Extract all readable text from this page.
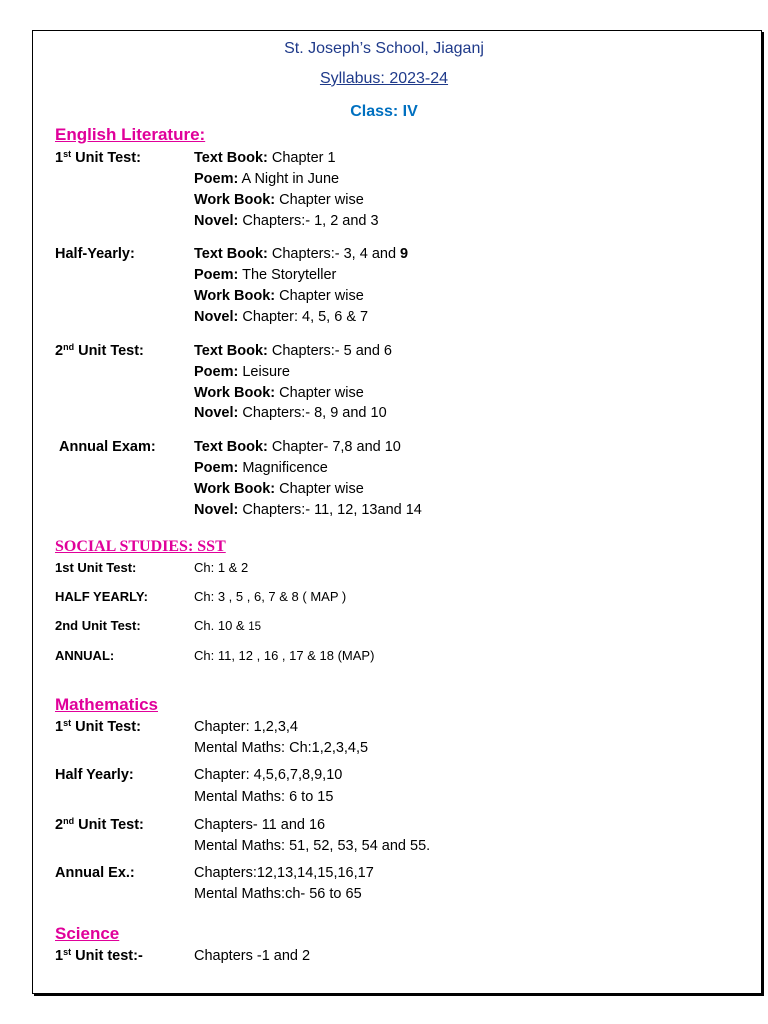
St. Joseph’s School, Jiaganj
Syllabus: 2023-24
Class: IV
English Literature:
1st Unit Test:	Text Book: Chapter 1
Poem: A Night in June
Work Book: Chapter wise
Novel: Chapters:- 1, 2 and 3
Half-Yearly:	Text Book: Chapters:- 3, 4 and 9
Poem: The Storyteller
Work Book: Chapter wise
Novel: Chapter: 4, 5, 6 & 7
2nd Unit Test:	Text Book: Chapters:- 5 and 6
Poem: Leisure
Work Book: Chapter wise
Novel: Chapters:- 8, 9 and 10
Annual Exam:	Text Book: Chapter- 7,8 and 10
Poem: Magnificence
Work Book: Chapter wise
Novel: Chapters:- 11, 12, 13and 14
SOCIAL STUDIES: SST
1st Unit Test:	Ch: 1 & 2
HALF YEARLY:	Ch: 3 , 5 , 6, 7 & 8 ( MAP )
2nd Unit Test:	Ch. 10 & 15
ANNUAL:	Ch: 11, 12 , 16 , 17 & 18 (MAP)
Mathematics
1st Unit Test:	Chapter: 1,2,3,4
Mental Maths: Ch:1,2,3,4,5
Half Yearly:	Chapter: 4,5,6,7,8,9,10
Mental Maths: 6 to 15
2nd Unit Test:	Chapters- 11 and 16
Mental Maths: 51, 52, 53, 54 and 55.
Annual Ex.:	Chapters:12,13,14,15,16,17
Mental Maths:ch- 56 to 65
Science
1st Unit test:-	Chapters -1 and 2
